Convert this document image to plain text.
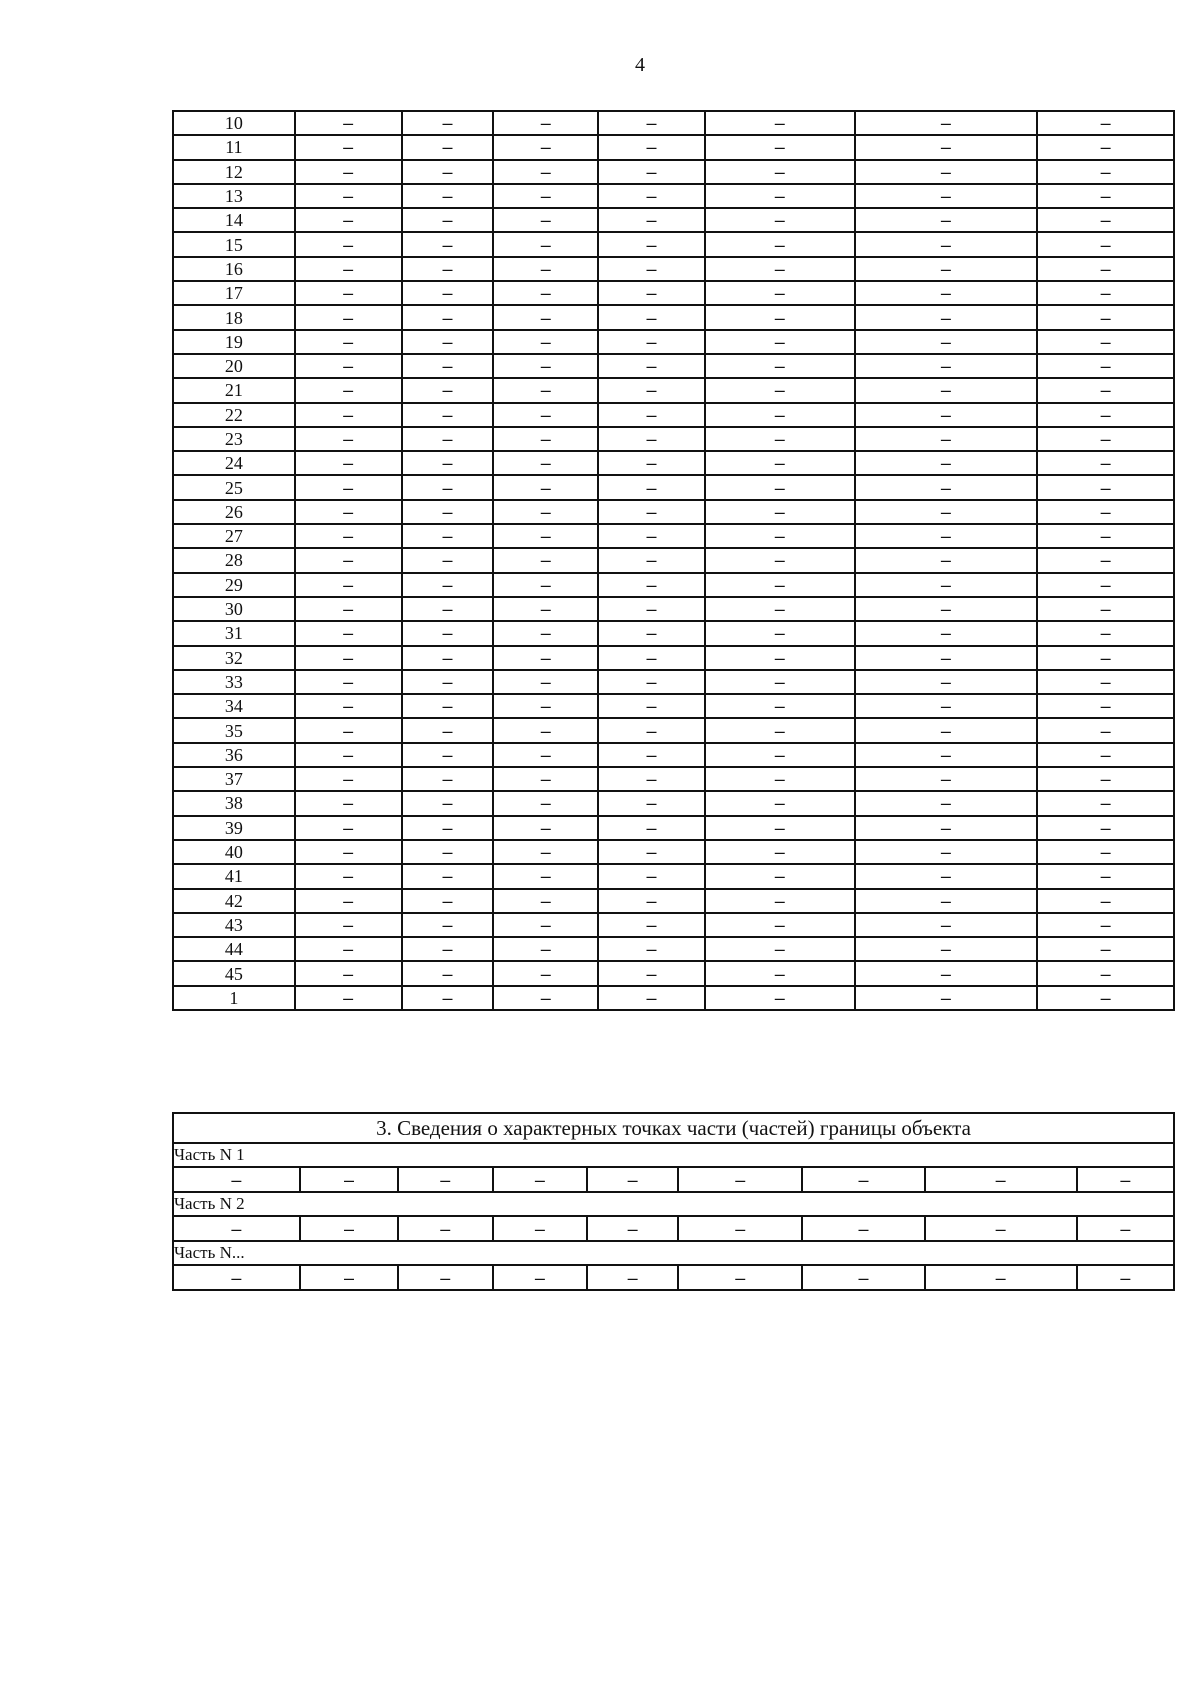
4
10	–	–	–	–	–	–	–
11	–	–	–	–	–	–	–
12	–	–	–	–	–	–	–
13	–	–	–	–	–	–	–
14	–	–	–	–	–	–	–
15	–	–	–	–	–	–	–
16	–	–	–	–	–	–	–
17	–	–	–	–	–	–	–
18	–	–	–	–	–	–	–
19	–	–	–	–	–	–	–
20	–	–	–	–	–	–	–
21	–	–	–	–	–	–	–
22	–	–	–	–	–	–	–
23	–	–	–	–	–	–	–
24	–	–	–	–	–	–	–
25	–	–	–	–	–	–	–
26	–	–	–	–	–	–	–
27	–	–	–	–	–	–	–
28	–	–	–	–	–	–	–
29	–	–	–	–	–	–	–
30	–	–	–	–	–	–	–
31	–	–	–	–	–	–	–
32	–	–	–	–	–	–	–
33	–	–	–	–	–	–	–
34	–	–	–	–	–	–	–
35	–	–	–	–	–	–	–
36	–	–	–	–	–	–	–
37	–	–	–	–	–	–	–
38	–	–	–	–	–	–	–
39	–	–	–	–	–	–	–
40	–	–	–	–	–	–	–
41	–	–	–	–	–	–	–
42	–	–	–	–	–	–	–
43	–	–	–	–	–	–	–
44	–	–	–	–	–	–	–
45	–	–	–	–	–	–	–
1	–	–	–	–	–	–	–
3. Сведения о характерных точках части (частей) границы объекта								
Часть N 1								
–	–	–	–	–	–	–	–	–
Часть N 2								
–	–	–	–	–	–	–	–	–
Часть N...								
–	–	–	–	–	–	–	–	–
